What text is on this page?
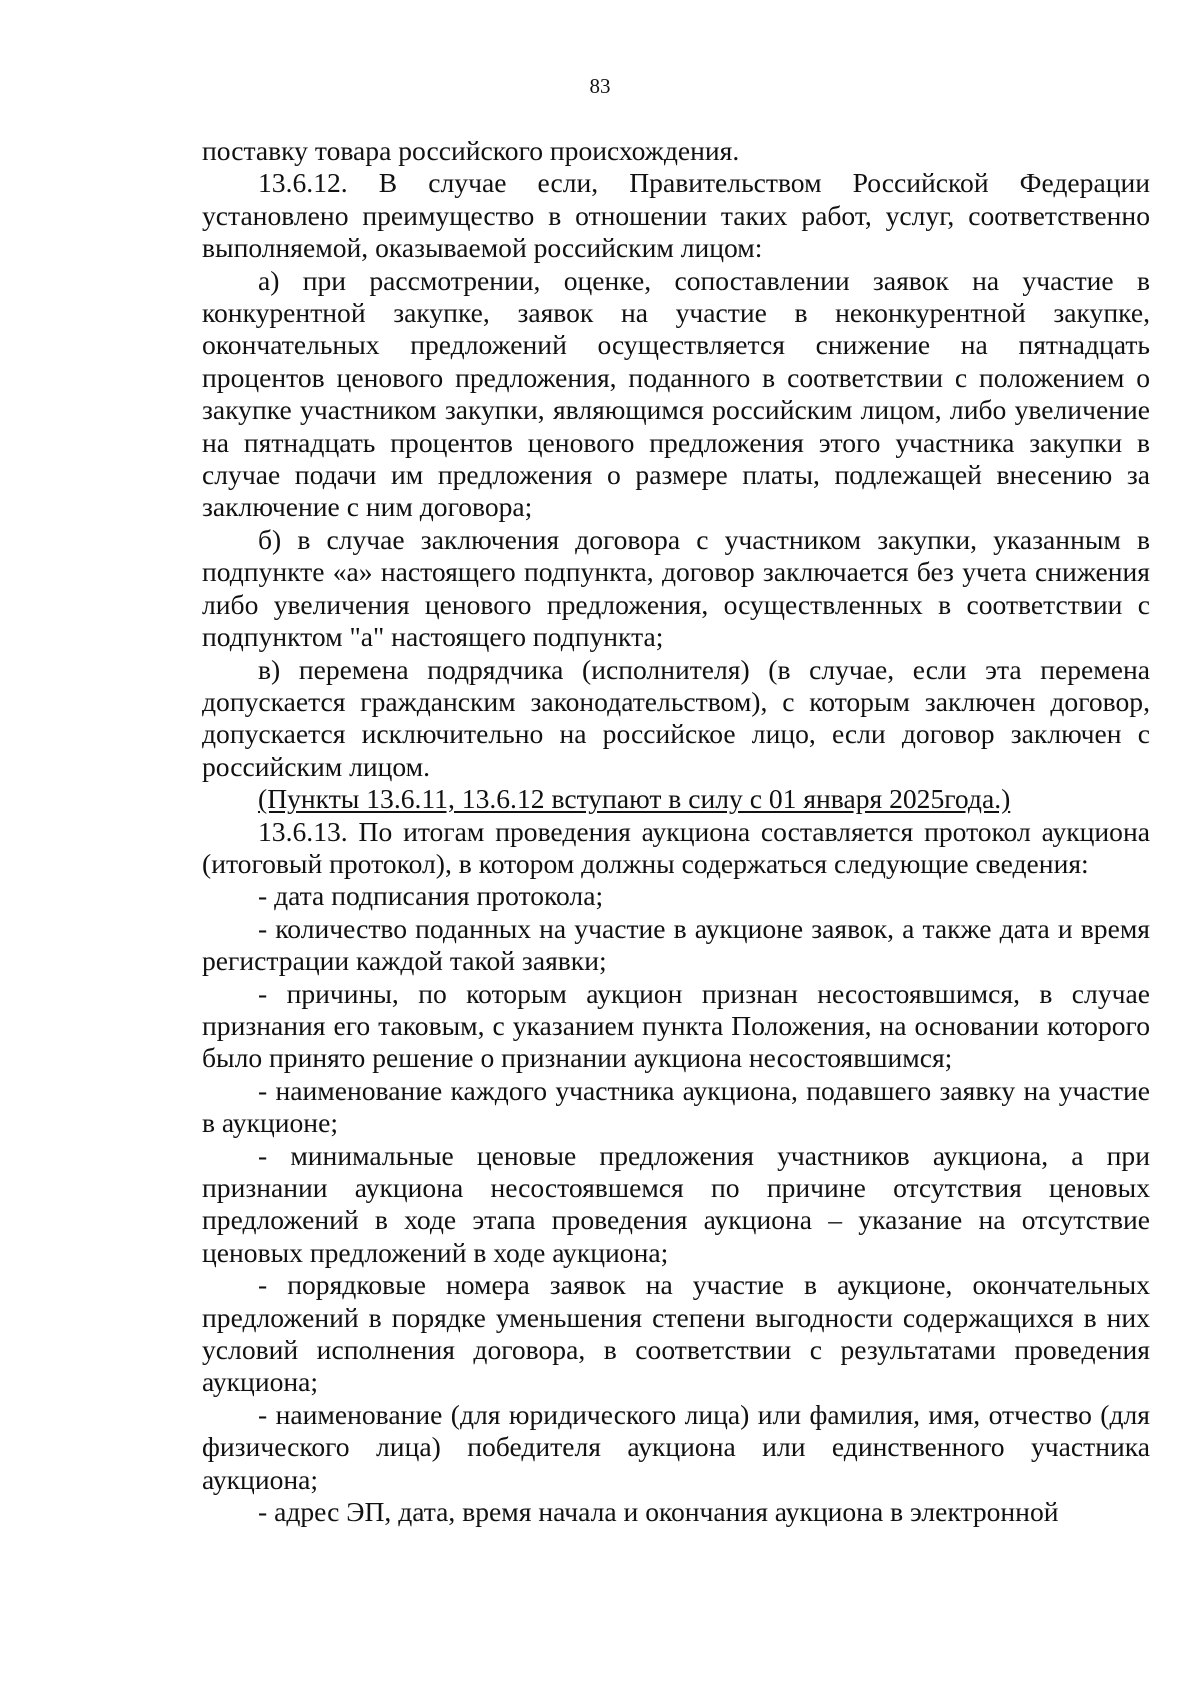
83

поставку товара российского происхождения.

13.6.12. В случае если, Правительством Российской Федерации установлено преимущество в отношении таких работ, услуг, соответственно выполняемой, оказываемой российским лицом:

а) при рассмотрении, оценке, сопоставлении заявок на участие в конкурентной закупке, заявок на участие в неконкурентной закупке, окончательных предложений осуществляется снижение на пятнадцать процентов ценового предложения, поданного в соответствии с положением о закупке участником закупки, являющимся российским лицом, либо увеличение на пятнадцать процентов ценового предложения этого участника закупки в случае подачи им предложения о размере платы, подлежащей внесению за заключение с ним договора;

б) в случае заключения договора с участником закупки, указанным в подпункте «а» настоящего подпункта, договор заключается без учета снижения либо увеличения ценового предложения, осуществленных в соответствии с подпунктом "а" настоящего подпункта;

в) перемена подрядчика (исполнителя) (в случае, если эта перемена допускается гражданским законодательством), с которым заключен договор, допускается исключительно на российское лицо, если договор заключен с российским лицом.

(Пункты 13.6.11, 13.6.12 вступают в силу с 01 января 2025года.)

13.6.13. По итогам проведения аукциона составляется протокол аукциона (итоговый протокол), в котором должны содержаться следующие сведения:

- дата подписания протокола;

- количество поданных на участие в аукционе заявок, а также дата и время регистрации каждой такой заявки;

- причины, по которым аукцион признан несостоявшимся, в случае признания его таковым, с указанием пункта Положения, на основании которого было принято решение о признании аукциона несостоявшимся;

- наименование каждого участника аукциона, подавшего заявку на участие в аукционе;

- минимальные ценовые предложения участников аукциона, а при признании аукциона несостоявшемся по причине отсутствия ценовых предложений в ходе этапа проведения аукциона – указание на отсутствие ценовых предложений в ходе аукциона;

- порядковые номера заявок на участие в аукционе, окончательных предложений в порядке уменьшения степени выгодности содержащихся в них условий исполнения договора, в соответствии с результатами проведения аукциона;

- наименование (для юридического лица) или фамилия, имя, отчество (для физического лица) победителя аукциона или единственного участника аукциона;

- адрес ЭП, дата, время начала и окончания аукциона в электронной
